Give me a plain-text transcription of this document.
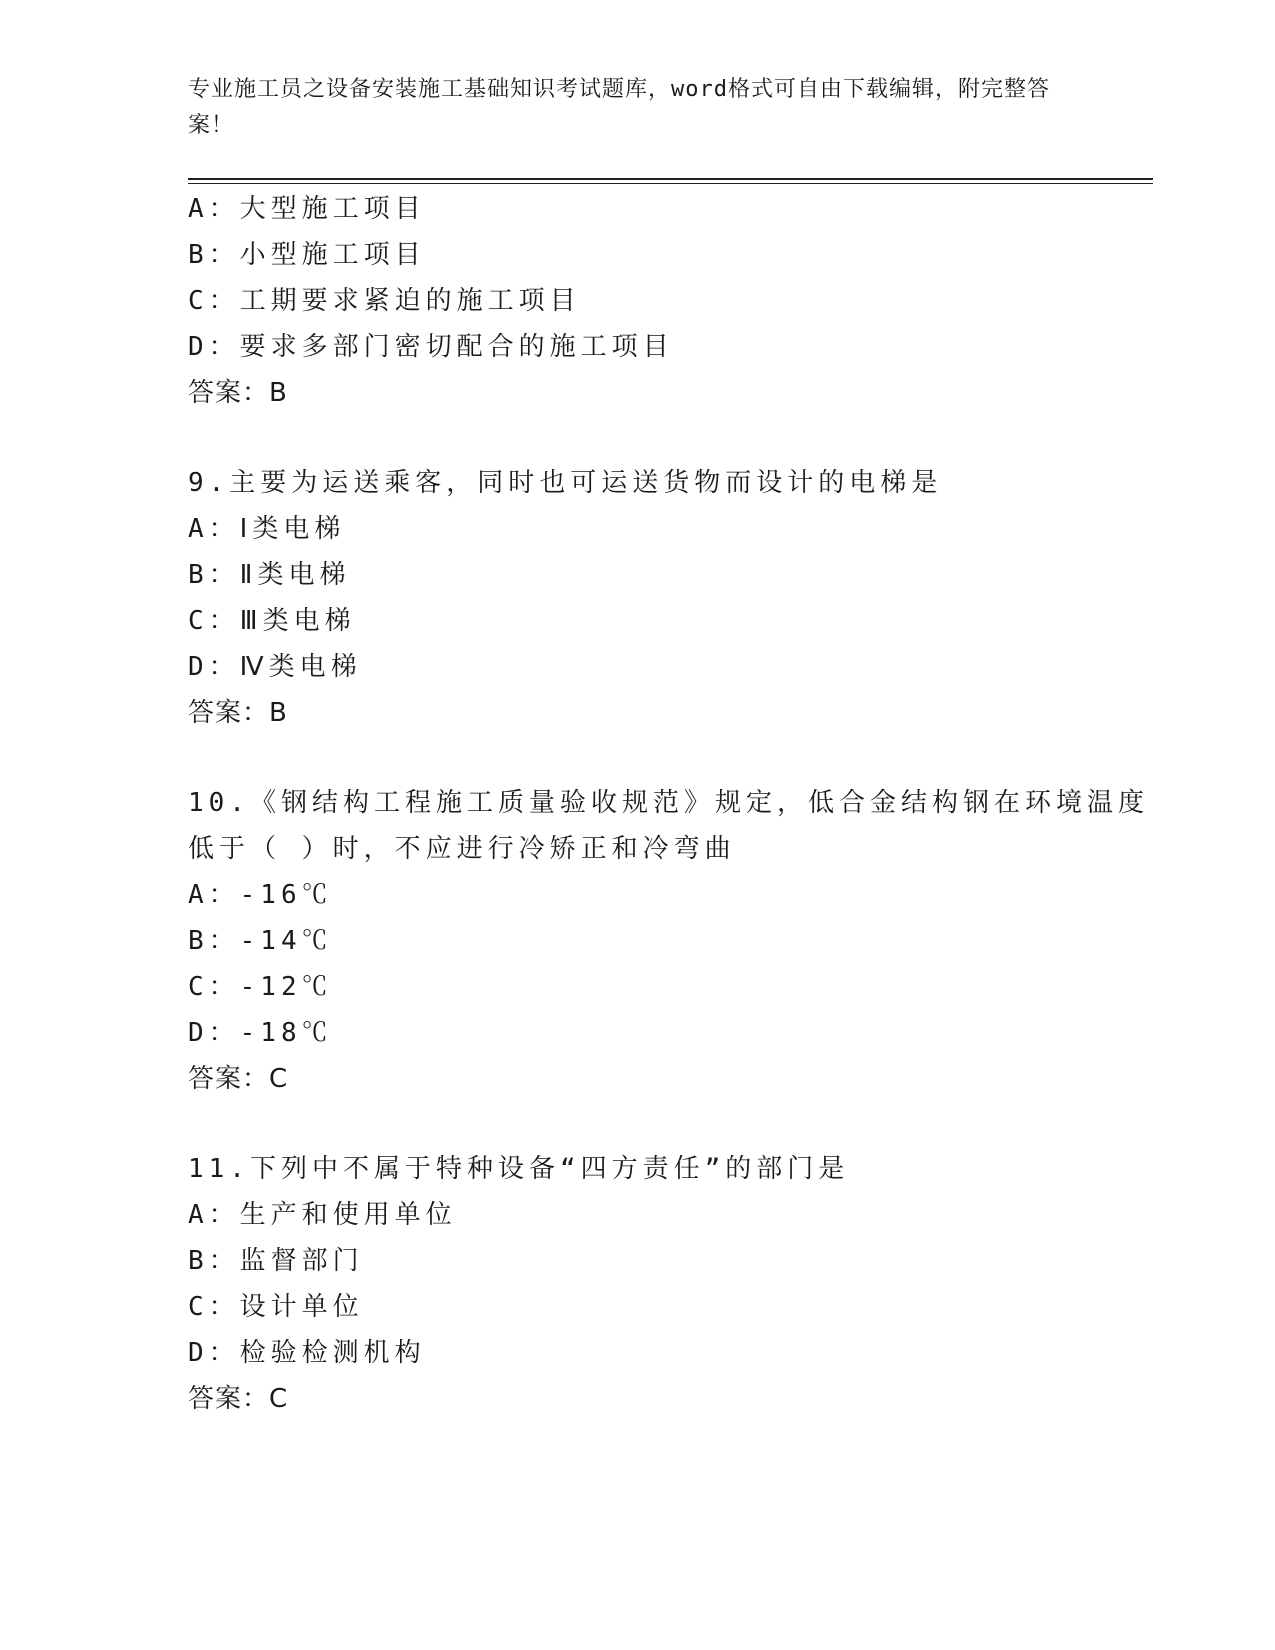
专业施工员之设备安装施工基础知识考试题库，word格式可自由下载编辑，附完整答案！
A：大型施工项目
B：小型施工项目
C：工期要求紧迫的施工项目
D：要求多部门密切配合的施工项目
答案：B
9.主要为运送乘客，同时也可运送货物而设计的电梯是
A：Ⅰ类电梯
B：Ⅱ类电梯
C：Ⅲ类电梯
D：Ⅳ类电梯
答案：B
10.《钢结构工程施工质量验收规范》规定，低合金结构钢在环境温度
低于（ ）时，不应进行冷矫正和冷弯曲
A：-16℃
B：-14℃
C：-12℃
D：-18℃
答案：C
11.下列中不属于特种设备“四方责任”的部门是
A：生产和使用单位
B：监督部门
C：设计单位
D：检验检测机构
答案：C
